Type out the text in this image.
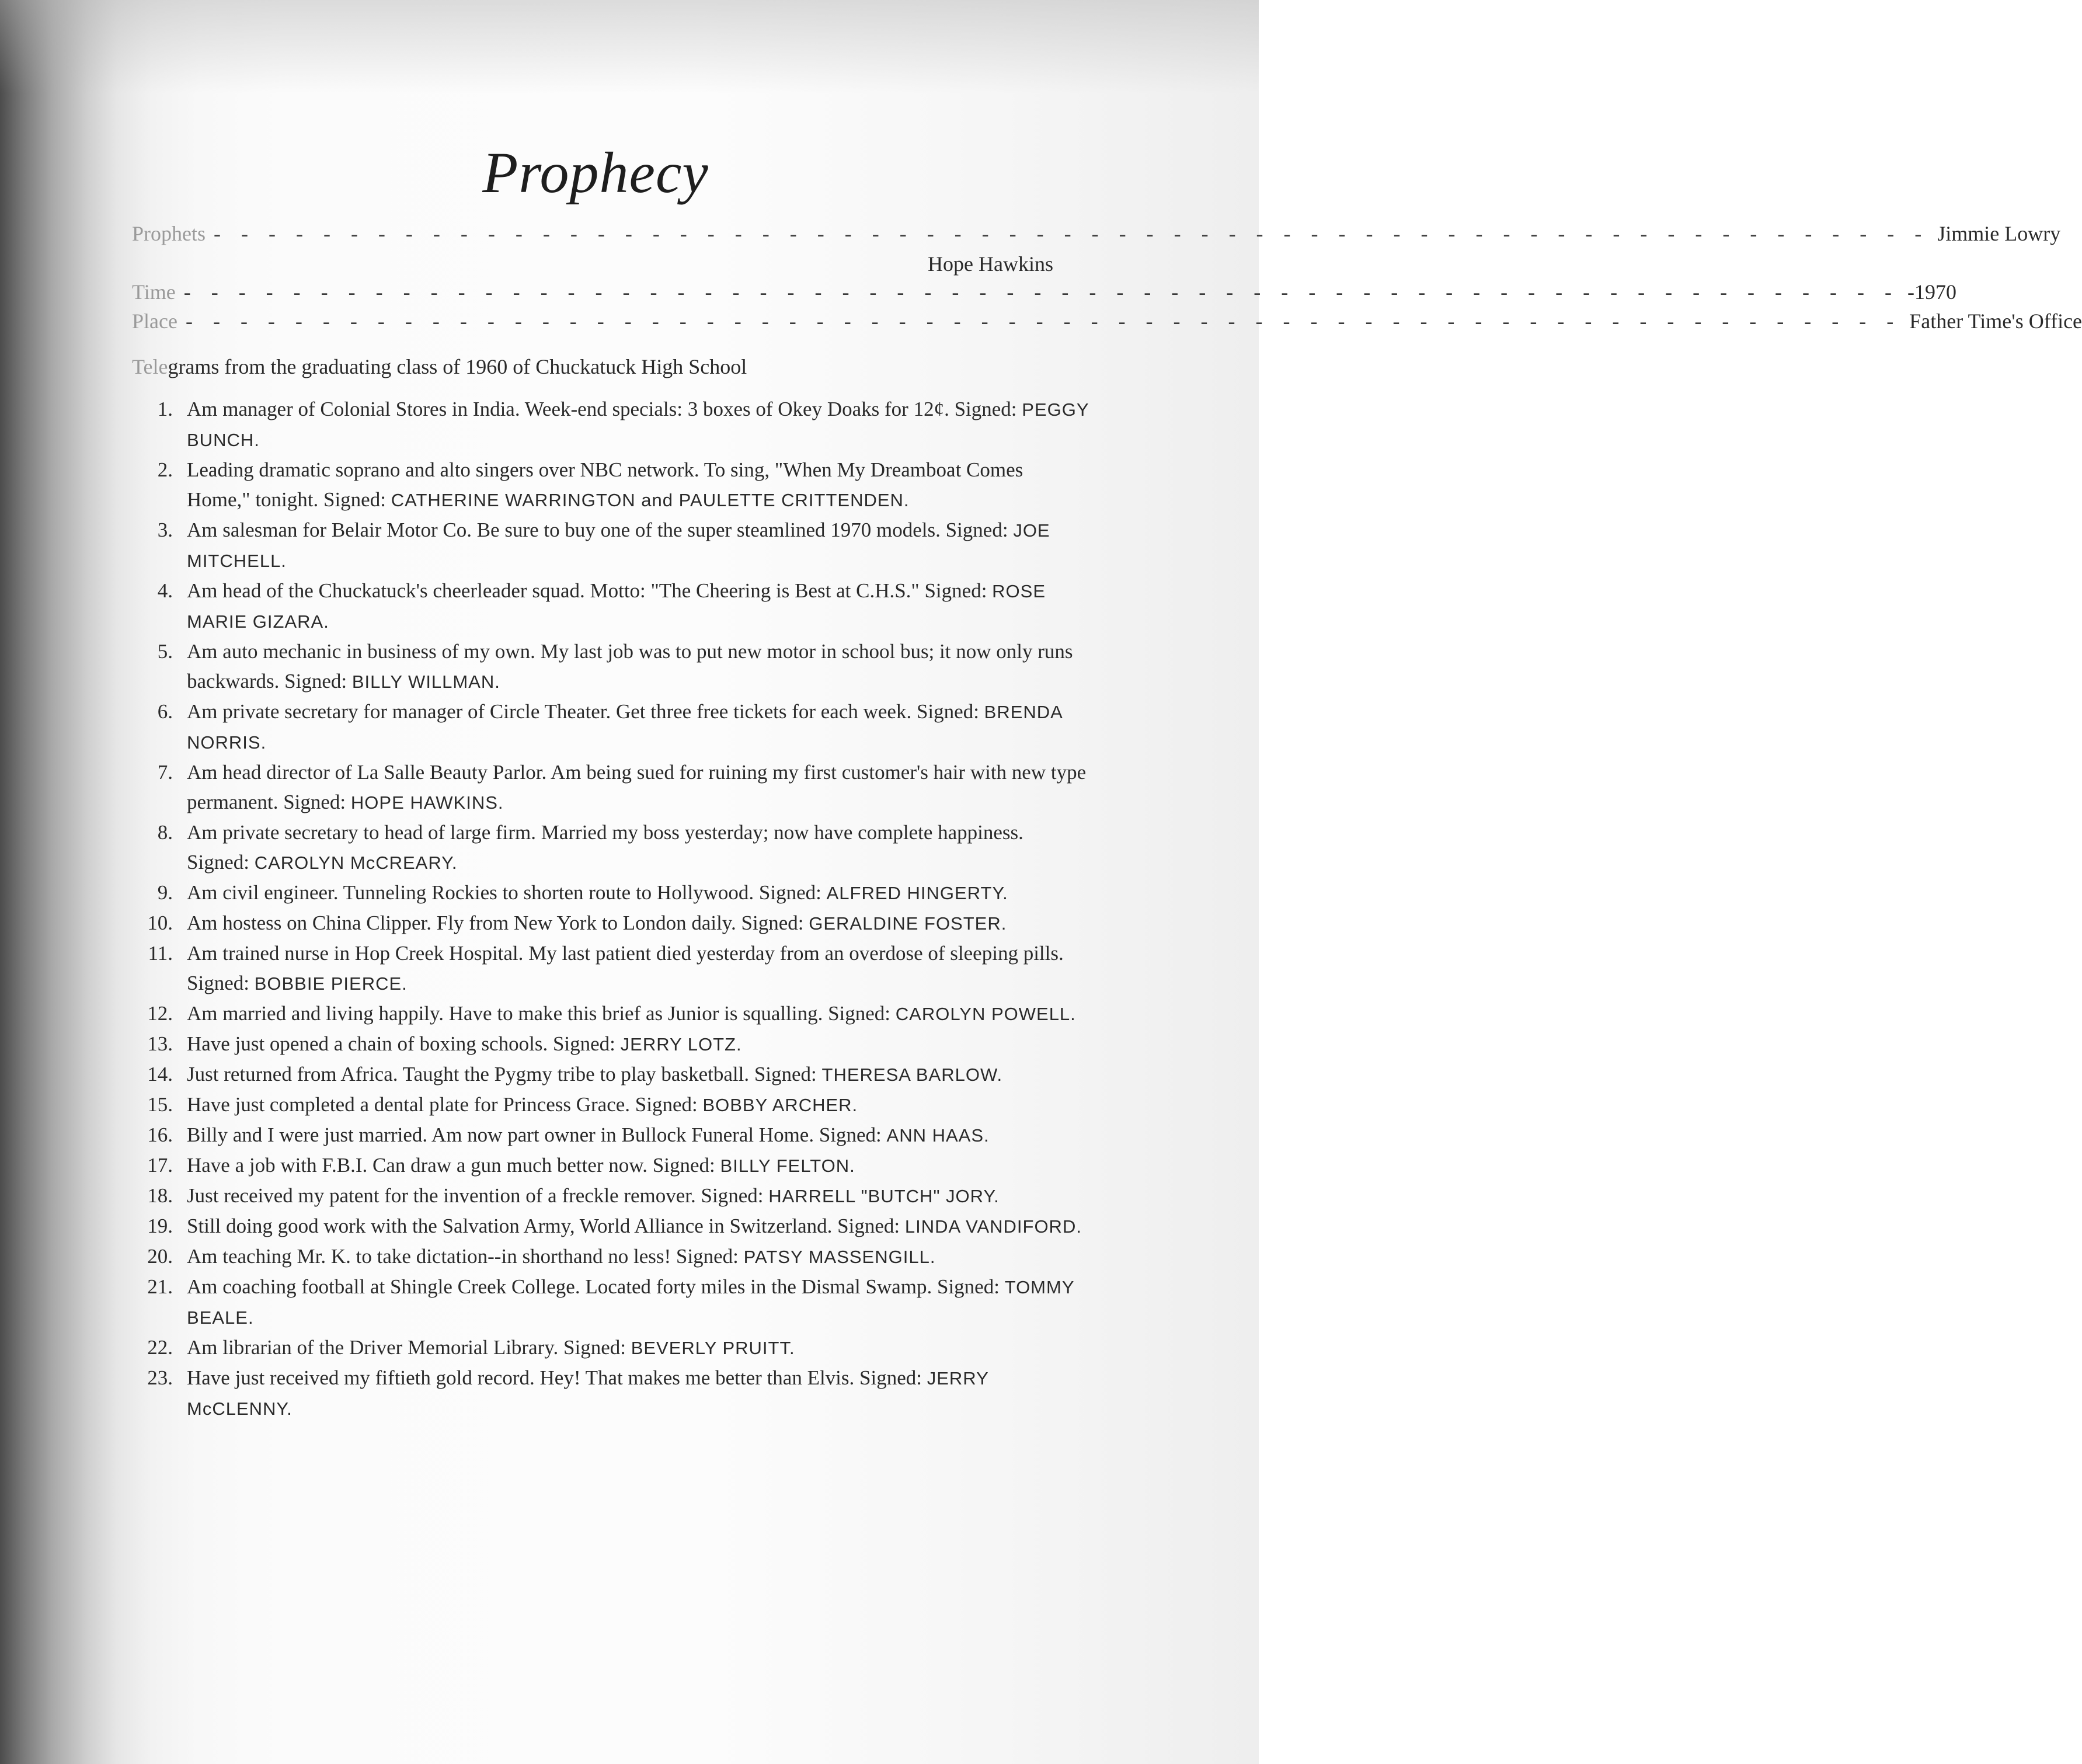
Prophecy
Prophets - - - - - - - - - - - - - - - - - - - - - - - - - - - - - - - - - - - - - - - - - - - - - - - - - - - - - - - - - - - - - - - Jimmie Lowry
Hope Hawkins
Time - - - - - - - - - - - - - - - - - - - - - - - - - - - - - - - - - - - - - - - - - - - - - - - - - - - - - - - - - - - - - - - -1970
Place - - - - - - - - - - - - - - - - - - - - - - - - - - - - - - - - - - - - - - - - - - - - - - - - - - - - - - - - - - - - - - - Father Time's Office
Telegrams from the graduating class of 1960 of Chuckatuck High School
1. Am manager of Colonial Stores in India. Week-end specials: 3 boxes of Okey Doaks for 12¢. Signed: PEGGY BUNCH.
2. Leading dramatic soprano and alto singers over NBC network. To sing, "When My Dreamboat Comes Home," tonight. Signed: CATHERINE WARRINGTON and PAULETTE CRITTENDEN.
3. Am salesman for Belair Motor Co. Be sure to buy one of the super steamlined 1970 models. Signed: JOE MITCHELL.
4. Am head of the Chuckatuck's cheerleader squad. Motto: "The Cheering is Best at C.H.S." Signed: ROSE MARIE GIZARA.
5. Am auto mechanic in business of my own. My last job was to put new motor in school bus; it now only runs backwards. Signed: BILLY WILLMAN.
6. Am private secretary for manager of Circle Theater. Get three free tickets for each week. Signed: BRENDA NORRIS.
7. Am head director of La Salle Beauty Parlor. Am being sued for ruining my first customer's hair with new type permanent. Signed: HOPE HAWKINS.
8. Am private secretary to head of large firm. Married my boss yesterday; now have complete happiness. Signed: CAROLYN McCREARY.
9. Am civil engineer. Tunneling Rockies to shorten route to Hollywood. Signed: ALFRED HINGERTY.
10. Am hostess on China Clipper. Fly from New York to London daily. Signed: GERALDINE FOSTER.
11. Am trained nurse in Hop Creek Hospital. My last patient died yesterday from an overdose of sleeping pills. Signed: BOBBIE PIERCE.
12. Am married and living happily. Have to make this brief as Junior is squalling. Signed: CAROLYN POWELL.
13. Have just opened a chain of boxing schools. Signed: JERRY LOTZ.
14. Just returned from Africa. Taught the Pygmy tribe to play basketball. Signed: THERESA BARLOW.
15. Have just completed a dental plate for Princess Grace. Signed: BOBBY ARCHER.
16. Billy and I were just married. Am now part owner in Bullock Funeral Home. Signed: ANN HAAS.
17. Have a job with F.B.I. Can draw a gun much better now. Signed: BILLY FELTON.
18. Just received my patent for the invention of a freckle remover. Signed: HARRELL "BUTCH" JORY.
19. Still doing good work with the Salvation Army, World Alliance in Switzerland. Signed: LINDA VANDIFORD.
20. Am teaching Mr. K. to take dictation--in shorthand no less! Signed: PATSY MASSENGILL.
21. Am coaching football at Shingle Creek College. Located forty miles in the Dismal Swamp. Signed: TOMMY BEALE.
22. Am librarian of the Driver Memorial Library. Signed: BEVERLY PRUITT.
23. Have just received my fiftieth gold record. Hey! That makes me better than Elvis. Signed: JERRY McCLENNY.
